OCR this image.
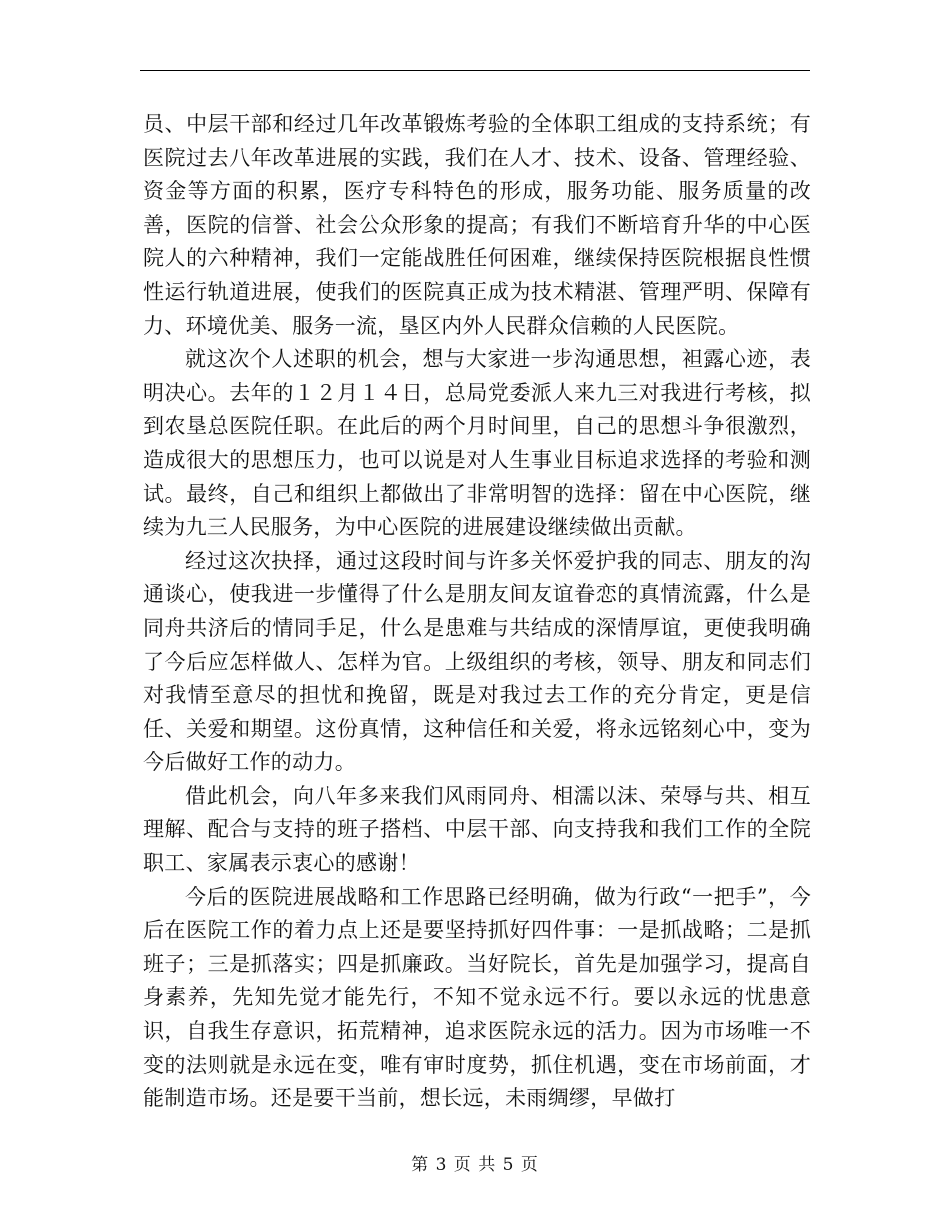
员、中层干部和经过几年改革锻炼考验的全体职工组成的支持系统；有医院过去八年改革进展的实践，我们在人才、技术、设备、管理经验、资金等方面的积累，医疗专科特色的形成，服务功能、服务质量的改善，医院的信誉、社会公众形象的提高；有我们不断培育升华的中心医院人的六种精神，我们一定能战胜任何困难，继续保持医院根据良性惯性运行轨道进展，使我们的医院真正成为技术精湛、管理严明、保障有力、环境优美、服务一流，垦区内外人民群众信赖的人民医院。

就这次个人述职的机会，想与大家进一步沟通思想，袒露心迹，表明决心。去年的１２月１４日，总局党委派人来九三对我进行考核，拟到农垦总医院任职。在此后的两个月时间里，自己的思想斗争很激烈，造成很大的思想压力，也可以说是对人生事业目标追求选择的考验和测试。最终，自己和组织上都做出了非常明智的选择：留在中心医院，继续为九三人民服务，为中心医院的进展建设继续做出贡献。

经过这次抉择，通过这段时间与许多关怀爱护我的同志、朋友的沟通谈心，使我进一步懂得了什么是朋友间友谊眷恋的真情流露，什么是同舟共济后的情同手足，什么是患难与共结成的深情厚谊，更使我明确了今后应怎样做人、怎样为官。上级组织的考核，领导、朋友和同志们对我情至意尽的担忧和挽留，既是对我过去工作的充分肯定，更是信任、关爱和期望。这份真情，这种信任和关爱，将永远铭刻心中，变为今后做好工作的动力。

借此机会，向八年多来我们风雨同舟、相濡以沫、荣辱与共、相互理解、配合与支持的班子搭档、中层干部、向支持我和我们工作的全院职工、家属表示衷心的感谢！

今后的医院进展战略和工作思路已经明确，做为行政“一把手”，今后在医院工作的着力点上还是要坚持抓好四件事：一是抓战略；二是抓班子；三是抓落实；四是抓廉政。当好院长，首先是加强学习，提高自身素养，先知先觉才能先行，不知不觉永远不行。要以永远的忧患意识，自我生存意识，拓荒精神，追求医院永远的活力。因为市场唯一不变的法则就是永远在变，唯有审时度势，抓住机遇，变在市场前面，才能制造市场。还是要干当前，想长远，未雨绸缪，早做打

第 3 页 共 5 页
